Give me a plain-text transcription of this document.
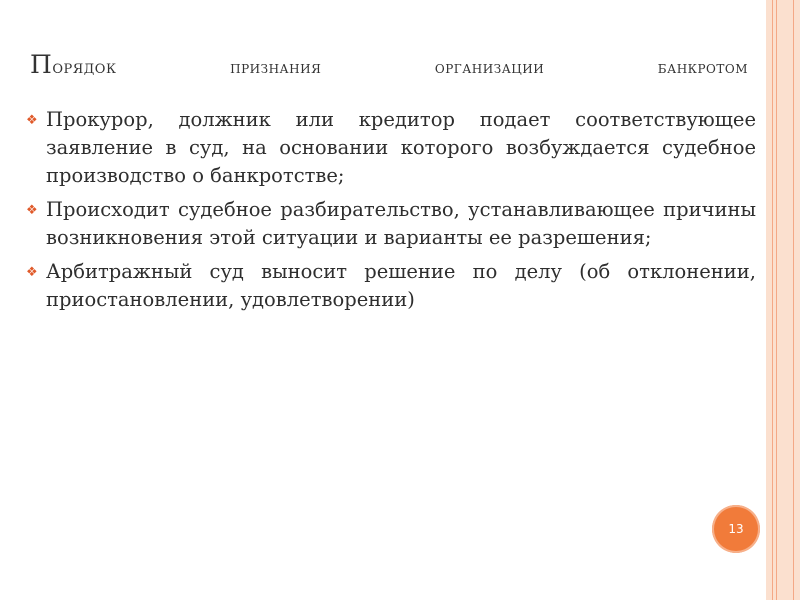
Порядок	признания	организации	банкротом
❖ Прокурор, должник или кредитор подает соответствующее заявление в суд, на основании которого возбуждается судебное производство о банкротстве;
❖ Происходит судебное разбирательство, устанавливающее причины возникновения этой ситуации и варианты ее разрешения;
❖ Арбитражный суд выносит решение по делу (об отклонении, приостановлении, удовлетворении)
13
